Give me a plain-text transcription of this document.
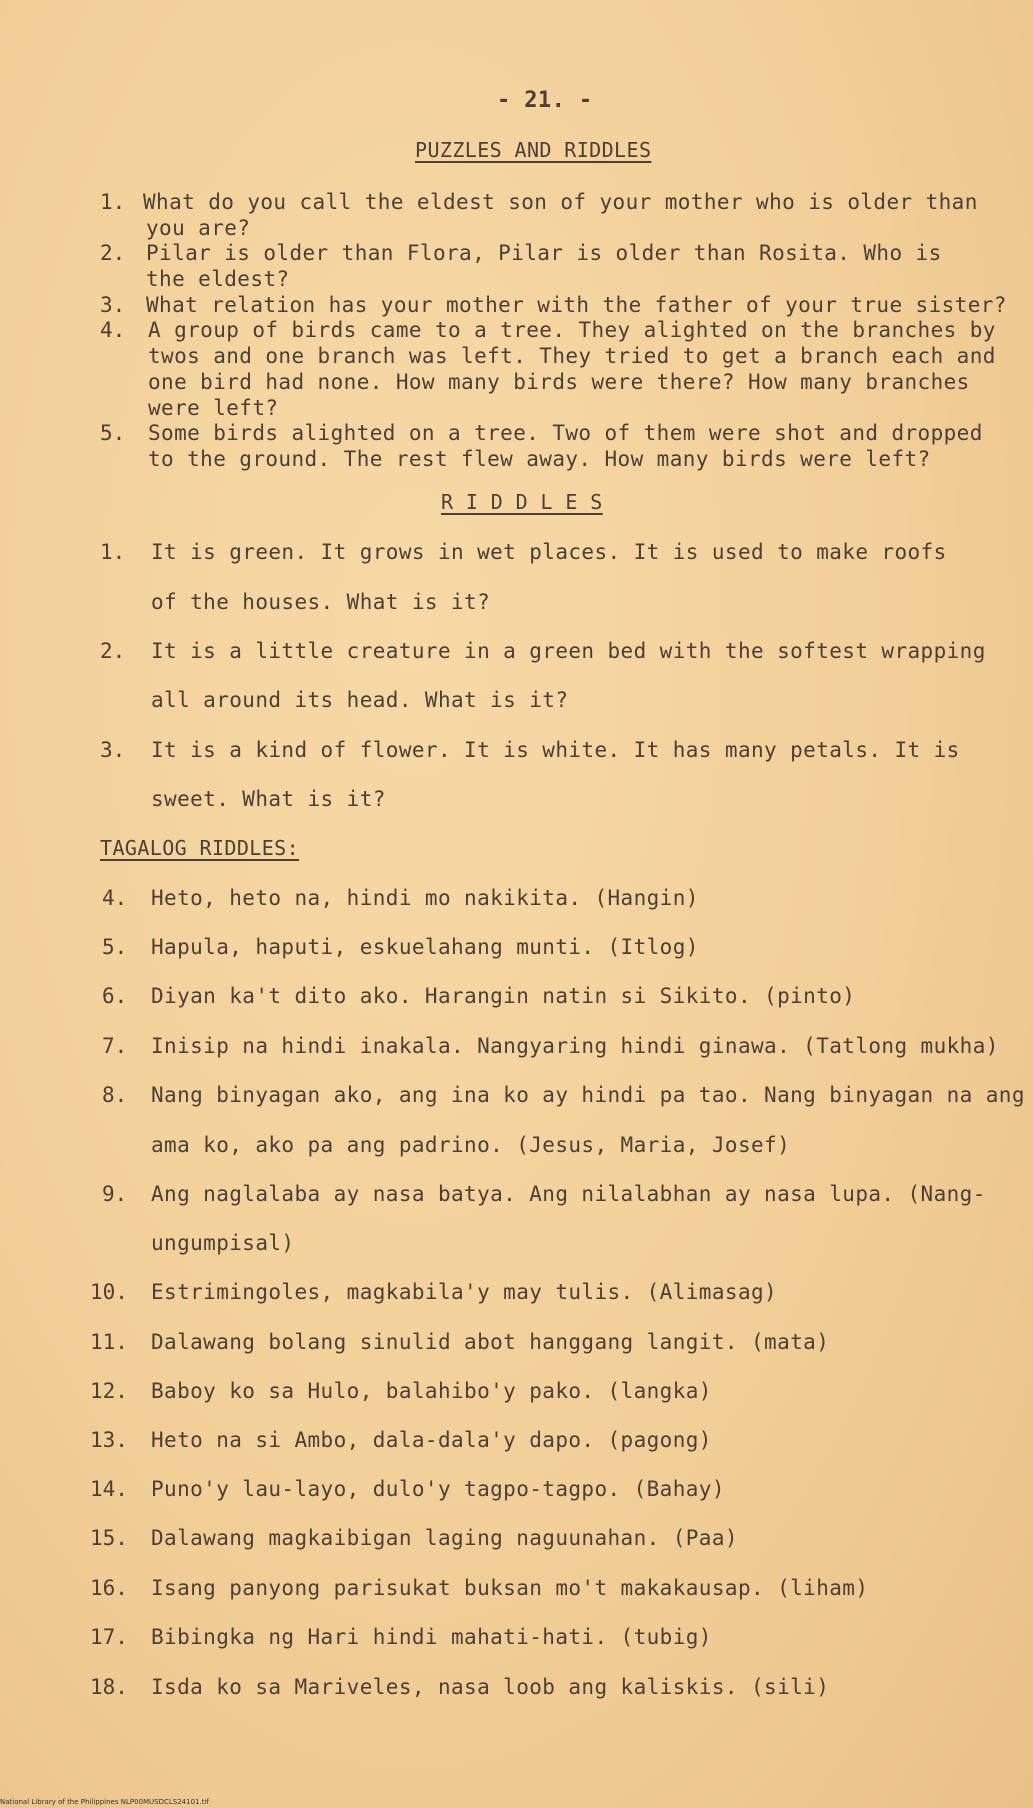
- 21. -
PUZZLES AND RIDDLES
1. What do you call the eldest son of your mother who is older than
you are?
2. Pilar is older than Flora, Pilar is older than Rosita. Who is
the eldest?
3. What relation has your mother with the father of your true sister?
4. A group of birds came to a tree. They alighted on the branches by
twos and one branch was left. They tried to get a branch each and
one bird had none. How many birds were there? How many branches
were left?
5. Some birds alighted on a tree. Two of them were shot and dropped
to the ground. The rest flew away. How many birds were left?
R I D D L E S
1. It is green. It grows in wet places. It is used to make roofs
of the houses. What is it?
2. It is a little creature in a green bed with the softest wrapping
all around its head. What is it?
3. It is a kind of flower. It is white. It has many petals. It is
sweet. What is it?
TAGALOG RIDDLES:
4. Heto, heto na, hindi mo nakikita. (Hangin)
5. Hapula, haputi, eskuelahang munti. (Itlog)
6. Diyan ka't dito ako. Harangin natin si Sikito. (pinto)
7. Inisip na hindi inakala. Nangyaring hindi ginawa. (Tatlong mukha)
8. Nang binyagan ako, ang ina ko ay hindi pa tao. Nang binyagan na ang
ama ko, ako pa ang padrino. (Jesus, Maria, Josef)
9. Ang naglalaba ay nasa batya. Ang nilalabhan ay nasa lupa. (Nang-
ungumpisal)
10. Estrimingoles, magkabila'y may tulis. (Alimasag)
11. Dalawang bolang sinulid abot hanggang langit. (mata)
12. Baboy ko sa Hulo, balahibo'y pako. (langka)
13. Heto na si Ambo, dala-dala'y dapo. (pagong)
14. Puno'y lau-layo, dulo'y tagpo-tagpo. (Bahay)
15. Dalawang magkaibigan laging naguunahan. (Paa)
16. Isang panyong parisukat buksan mo't makakausap. (liham)
17. Bibingka ng Hari hindi mahati-hati. (tubig)
18. Isda ko sa Mariveles, nasa loob ang kaliskis. (sili)
National Library of the Philippines NLP00MUSDCLS24101.tif
